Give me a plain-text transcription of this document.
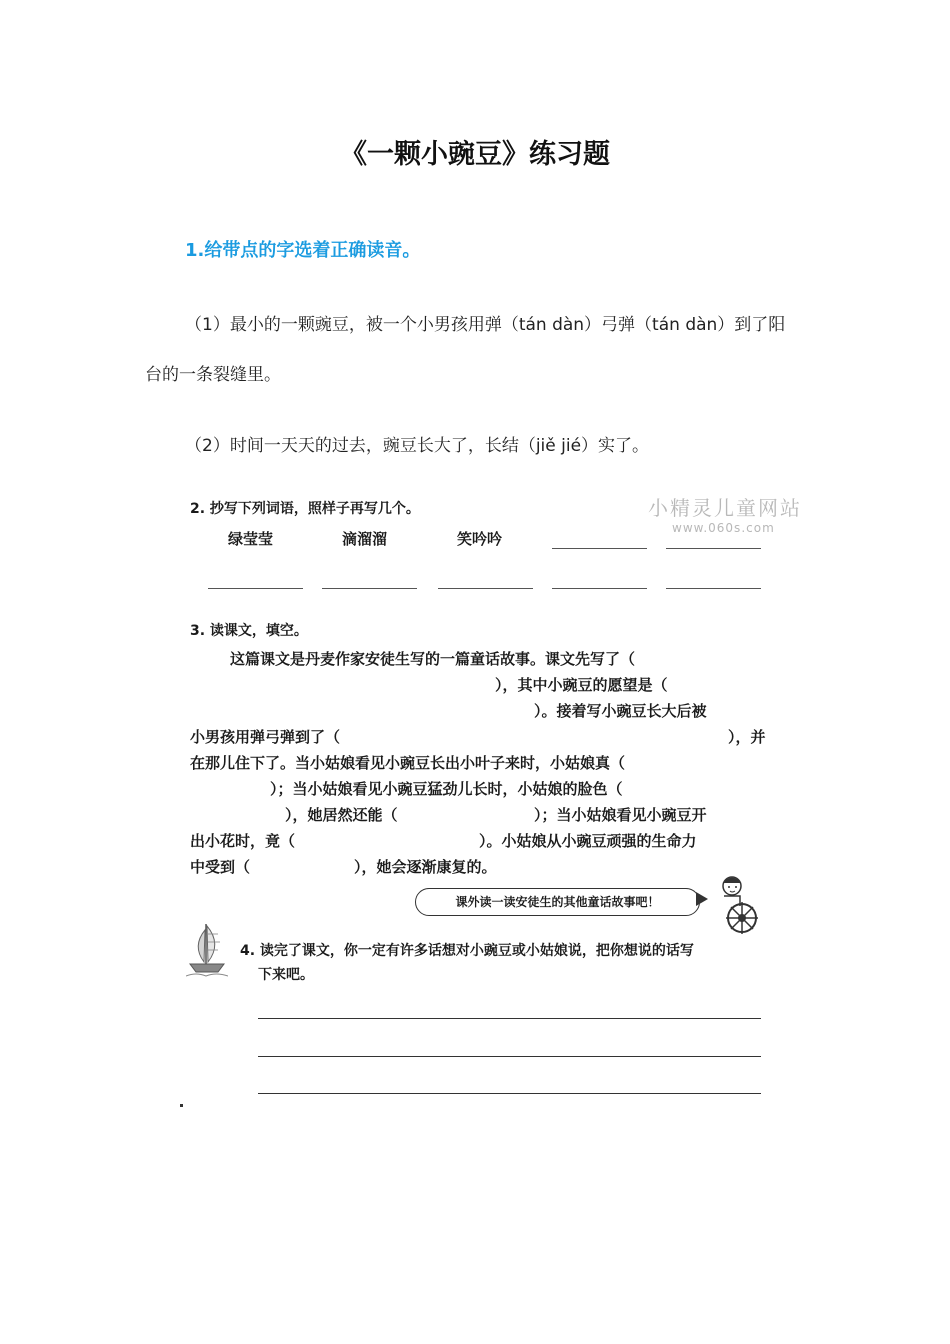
《一颗小豌豆》练习题
1.给带点的字选着正确读音。
（1）最小的一颗豌豆，被一个小男孩用弹（tán dàn）弓弹（tán dàn）到了阳
台的一条裂缝里。
（2）时间一天天的过去，豌豆长大了，长结（jiě jié）实了。
小精灵儿童网站
www.060s.com
2. 抄写下列词语，照样子再写几个。
绿莹莹	滴溜溜	笑吟吟
3. 读课文，填空。
这篇课文是丹麦作家安徒生写的一篇童话故事。课文先写了（
），其中小豌豆的愿望是（
）。接着写小豌豆长大后被
小男孩用弹弓弹到了（	），并
在那儿住下了。当小姑娘看见小豌豆长出小叶子来时，小姑娘真（
）；当小姑娘看见小豌豆猛劲儿长时，小姑娘的脸色（
），她居然还能（	）；当小姑娘看见小豌豆开
出小花时，竟（	）。小姑娘从小豌豆顽强的生命力
中受到（	），她会逐渐康复的。
课外读一读安徒生的其他童话故事吧！
4. 读完了课文，你一定有许多话想对小豌豆或小姑娘说，把你想说的话写
下来吧。
